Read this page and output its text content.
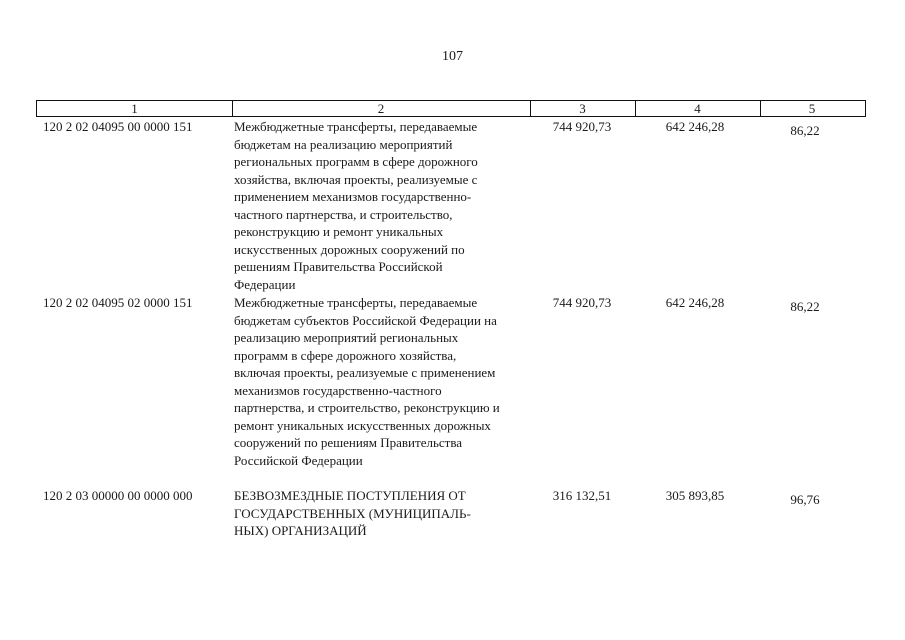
107
1	2	3	4	5
120 2 02 04095 00 0000 151	Межбюджетные трансферты, передаваемые
бюджетам на реализацию мероприятий
региональных программ в сфере дорожного
хозяйства, включая проекты, реализуемые с
применением механизмов государственно-
частного партнерства, и строительство,
реконструкцию и ремонт уникальных
искусственных дорожных сооружений по
решениям Правительства Российской
Федерации
744 920,73	642 246,28	86,22
120 2 02 04095 02 0000 151	Межбюджетные трансферты, передаваемые
бюджетам субъектов Российской Федерации на
реализацию мероприятий региональных
программ в сфере дорожного хозяйства,
включая проекты, реализуемые с применением
механизмов государственно-частного
партнерства, и строительство, реконструкцию и
ремонт уникальных искусственных дорожных
сооружений по решениям Правительства
Российской Федерации
744 920,73	642 246,28	86,22
120 2 03 00000 00 0000 000	БЕЗВОЗМЕЗДНЫЕ ПОСТУПЛЕНИЯ ОТ
ГОСУДАРСТВЕННЫХ (МУНИЦИПАЛЬ-
НЫХ) ОРГАНИЗАЦИЙ
316 132,51	305 893,85	96,76
